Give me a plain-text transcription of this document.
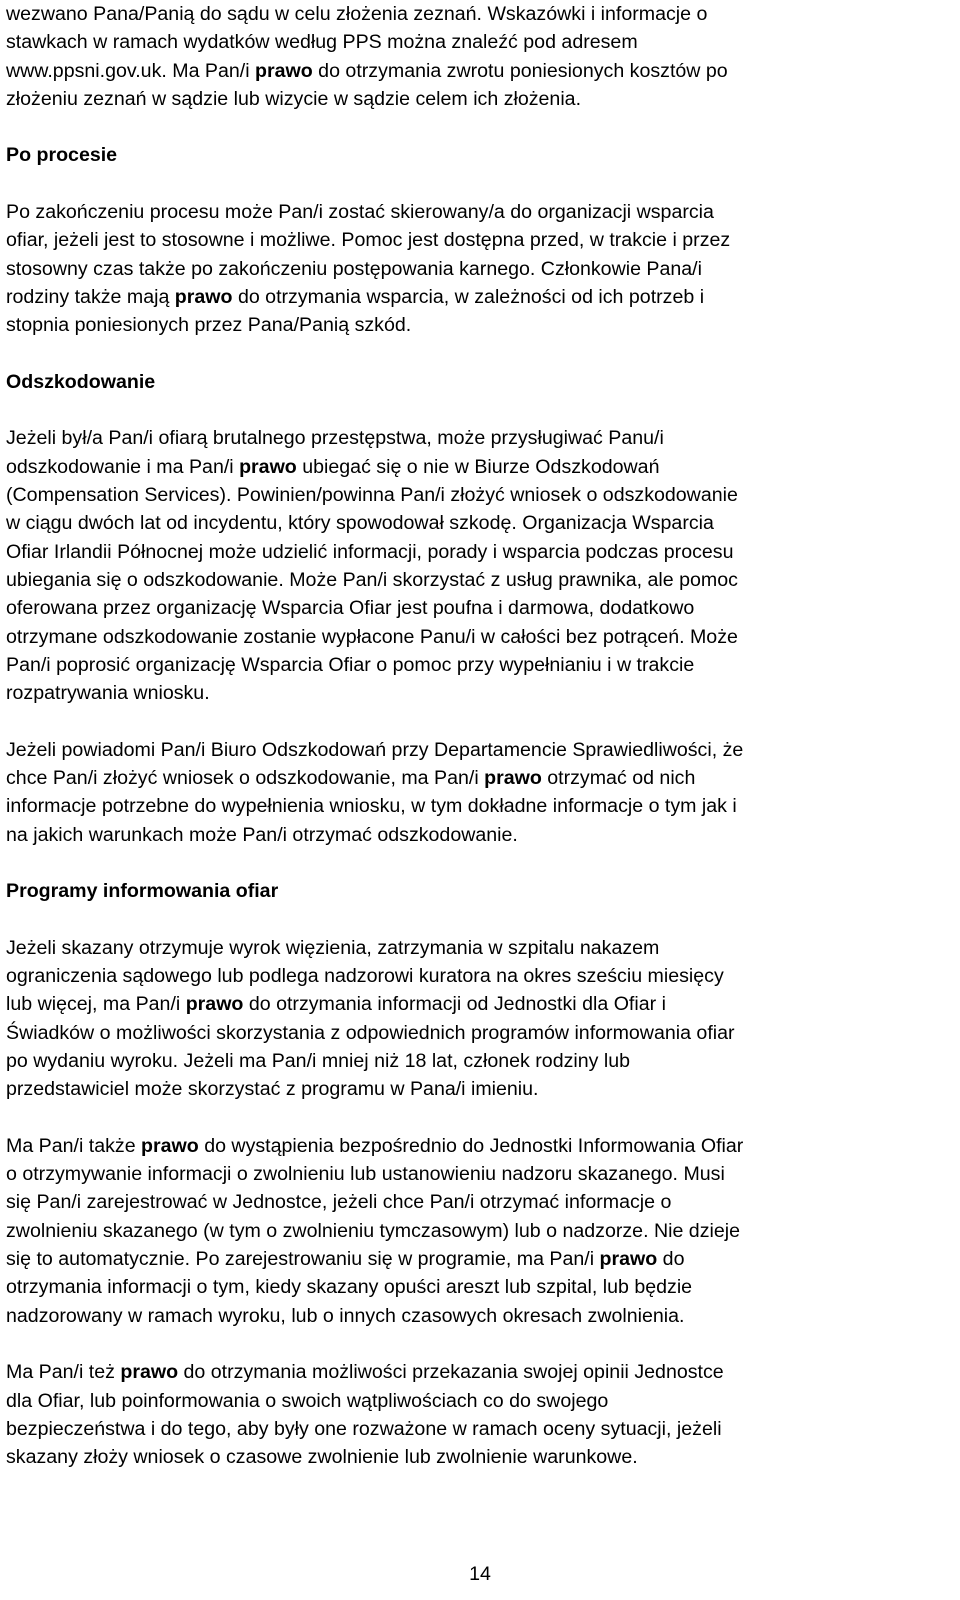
wezwano Pana/Panią do sądu w celu złożenia zeznań. Wskazówki i informacje o
stawkach w ramach wydatków według PPS można znaleźć pod adresem
www.ppsni.gov.uk. Ma Pan/i prawo do otrzymania zwrotu poniesionych kosztów po
złożeniu zeznań w sądzie lub wizycie w sądzie celem ich złożenia.

Po procesie

Po zakończeniu procesu może Pan/i zostać skierowany/a do organizacji wsparcia
ofiar, jeżeli jest to stosowne i możliwe. Pomoc jest dostępna przed, w trakcie i przez
stosowny czas także po zakończeniu postępowania karnego. Członkowie Pana/i
rodziny także mają prawo do otrzymania wsparcia, w zależności od ich potrzeb i
stopnia poniesionych przez Pana/Panią szkód.

Odszkodowanie

Jeżeli był/a Pan/i ofiarą brutalnego przestępstwa, może przysługiwać Panu/i
odszkodowanie i ma Pan/i prawo ubiegać się o nie w Biurze Odszkodowań
(Compensation Services). Powinien/powinna Pan/i złożyć wniosek o odszkodowanie
w ciągu dwóch lat od incydentu, który spowodował szkodę. Organizacja Wsparcia
Ofiar Irlandii Północnej może udzielić informacji, porady i wsparcia podczas procesu
ubiegania się o odszkodowanie. Może Pan/i skorzystać z usług prawnika, ale pomoc
oferowana przez organizację Wsparcia Ofiar jest poufna i darmowa, dodatkowo
otrzymane odszkodowanie zostanie wypłacone Panu/i w całości bez potrąceń. Może
Pan/i poprosić organizację Wsparcia Ofiar o pomoc przy wypełnianiu i w trakcie
rozpatrywania wniosku.

Jeżeli powiadomi Pan/i Biuro Odszkodowań przy Departamencie Sprawiedliwości, że
chce Pan/i złożyć wniosek o odszkodowanie, ma Pan/i prawo otrzymać od nich
informacje potrzebne do wypełnienia wniosku, w tym dokładne informacje o tym jak i
na jakich warunkach może Pan/i otrzymać odszkodowanie.

Programy informowania ofiar

Jeżeli skazany otrzymuje wyrok więzienia, zatrzymania w szpitalu nakazem
ograniczenia sądowego lub podlega nadzorowi kuratora na okres sześciu miesięcy
lub więcej, ma Pan/i prawo do otrzymania informacji od Jednostki dla Ofiar i
Świadków o możliwości skorzystania z odpowiednich programów informowania ofiar
po wydaniu wyroku. Jeżeli ma Pan/i mniej niż 18 lat, członek rodziny lub
przedstawiciel może skorzystać z programu w Pana/i imieniu.

Ma Pan/i także prawo do wystąpienia bezpośrednio do Jednostki Informowania Ofiar
o otrzymywanie informacji o zwolnieniu lub ustanowieniu nadzoru skazanego. Musi
się Pan/i zarejestrować w Jednostce, jeżeli chce Pan/i otrzymać informacje o
zwolnieniu skazanego (w tym o zwolnieniu tymczasowym) lub o nadzorze. Nie dzieje
się to automatycznie. Po zarejestrowaniu się w programie, ma Pan/i prawo do
otrzymania informacji o tym, kiedy skazany opuści areszt lub szpital, lub będzie
nadzorowany w ramach wyroku, lub o innych czasowych okresach zwolnienia.

Ma Pan/i też prawo do otrzymania możliwości przekazania swojej opinii Jednostce
dla Ofiar, lub poinformowania o swoich wątpliwościach co do swojego
bezpieczeństwa i do tego, aby były one rozważone w ramach oceny sytuacji, jeżeli
skazany złoży wniosek o czasowe zwolnienie lub zwolnienie warunkowe.

14
